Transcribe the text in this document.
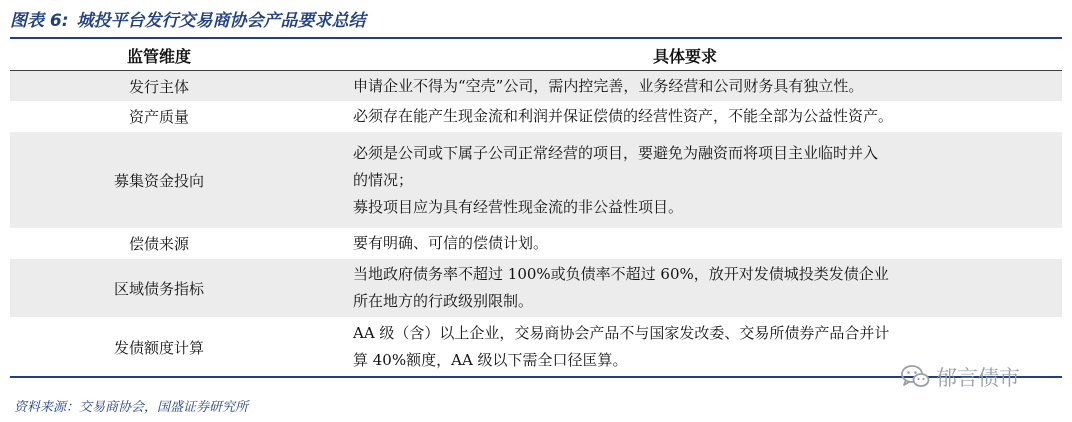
图表 6: 城投平台发行交易商协会产品要求总结
监管维度	具体要求
发行主体	申请企业不得为“空壳”公司，需内控完善，业务经营和公司财务具有独立性。

资产质量	必须存在能产生现金流和利润并保证偿债的经营性资产，不能全部为公益性资产。

募集资金投向	必须是公司或下属子公司正常经营的项目，要避免为融资而将项目主业临时并入
的情况；
募投项目应为具有经营性现金流的非公益性项目。

偿债来源	要有明确、可信的偿债计划。

区域债务指标	当地政府债务率不超过 100%或负债率不超过 60%，放开对发债城投类发债企业
所在地方的行政级别限制。

发债额度计算	AA 级（含）以上企业，交易商协会产品不与国家发改委、交易所债券产品合并计
算 40%额度，AA 级以下需全口径匡算。
郁言债市
资料来源：交易商协会，国盛证券研究所
